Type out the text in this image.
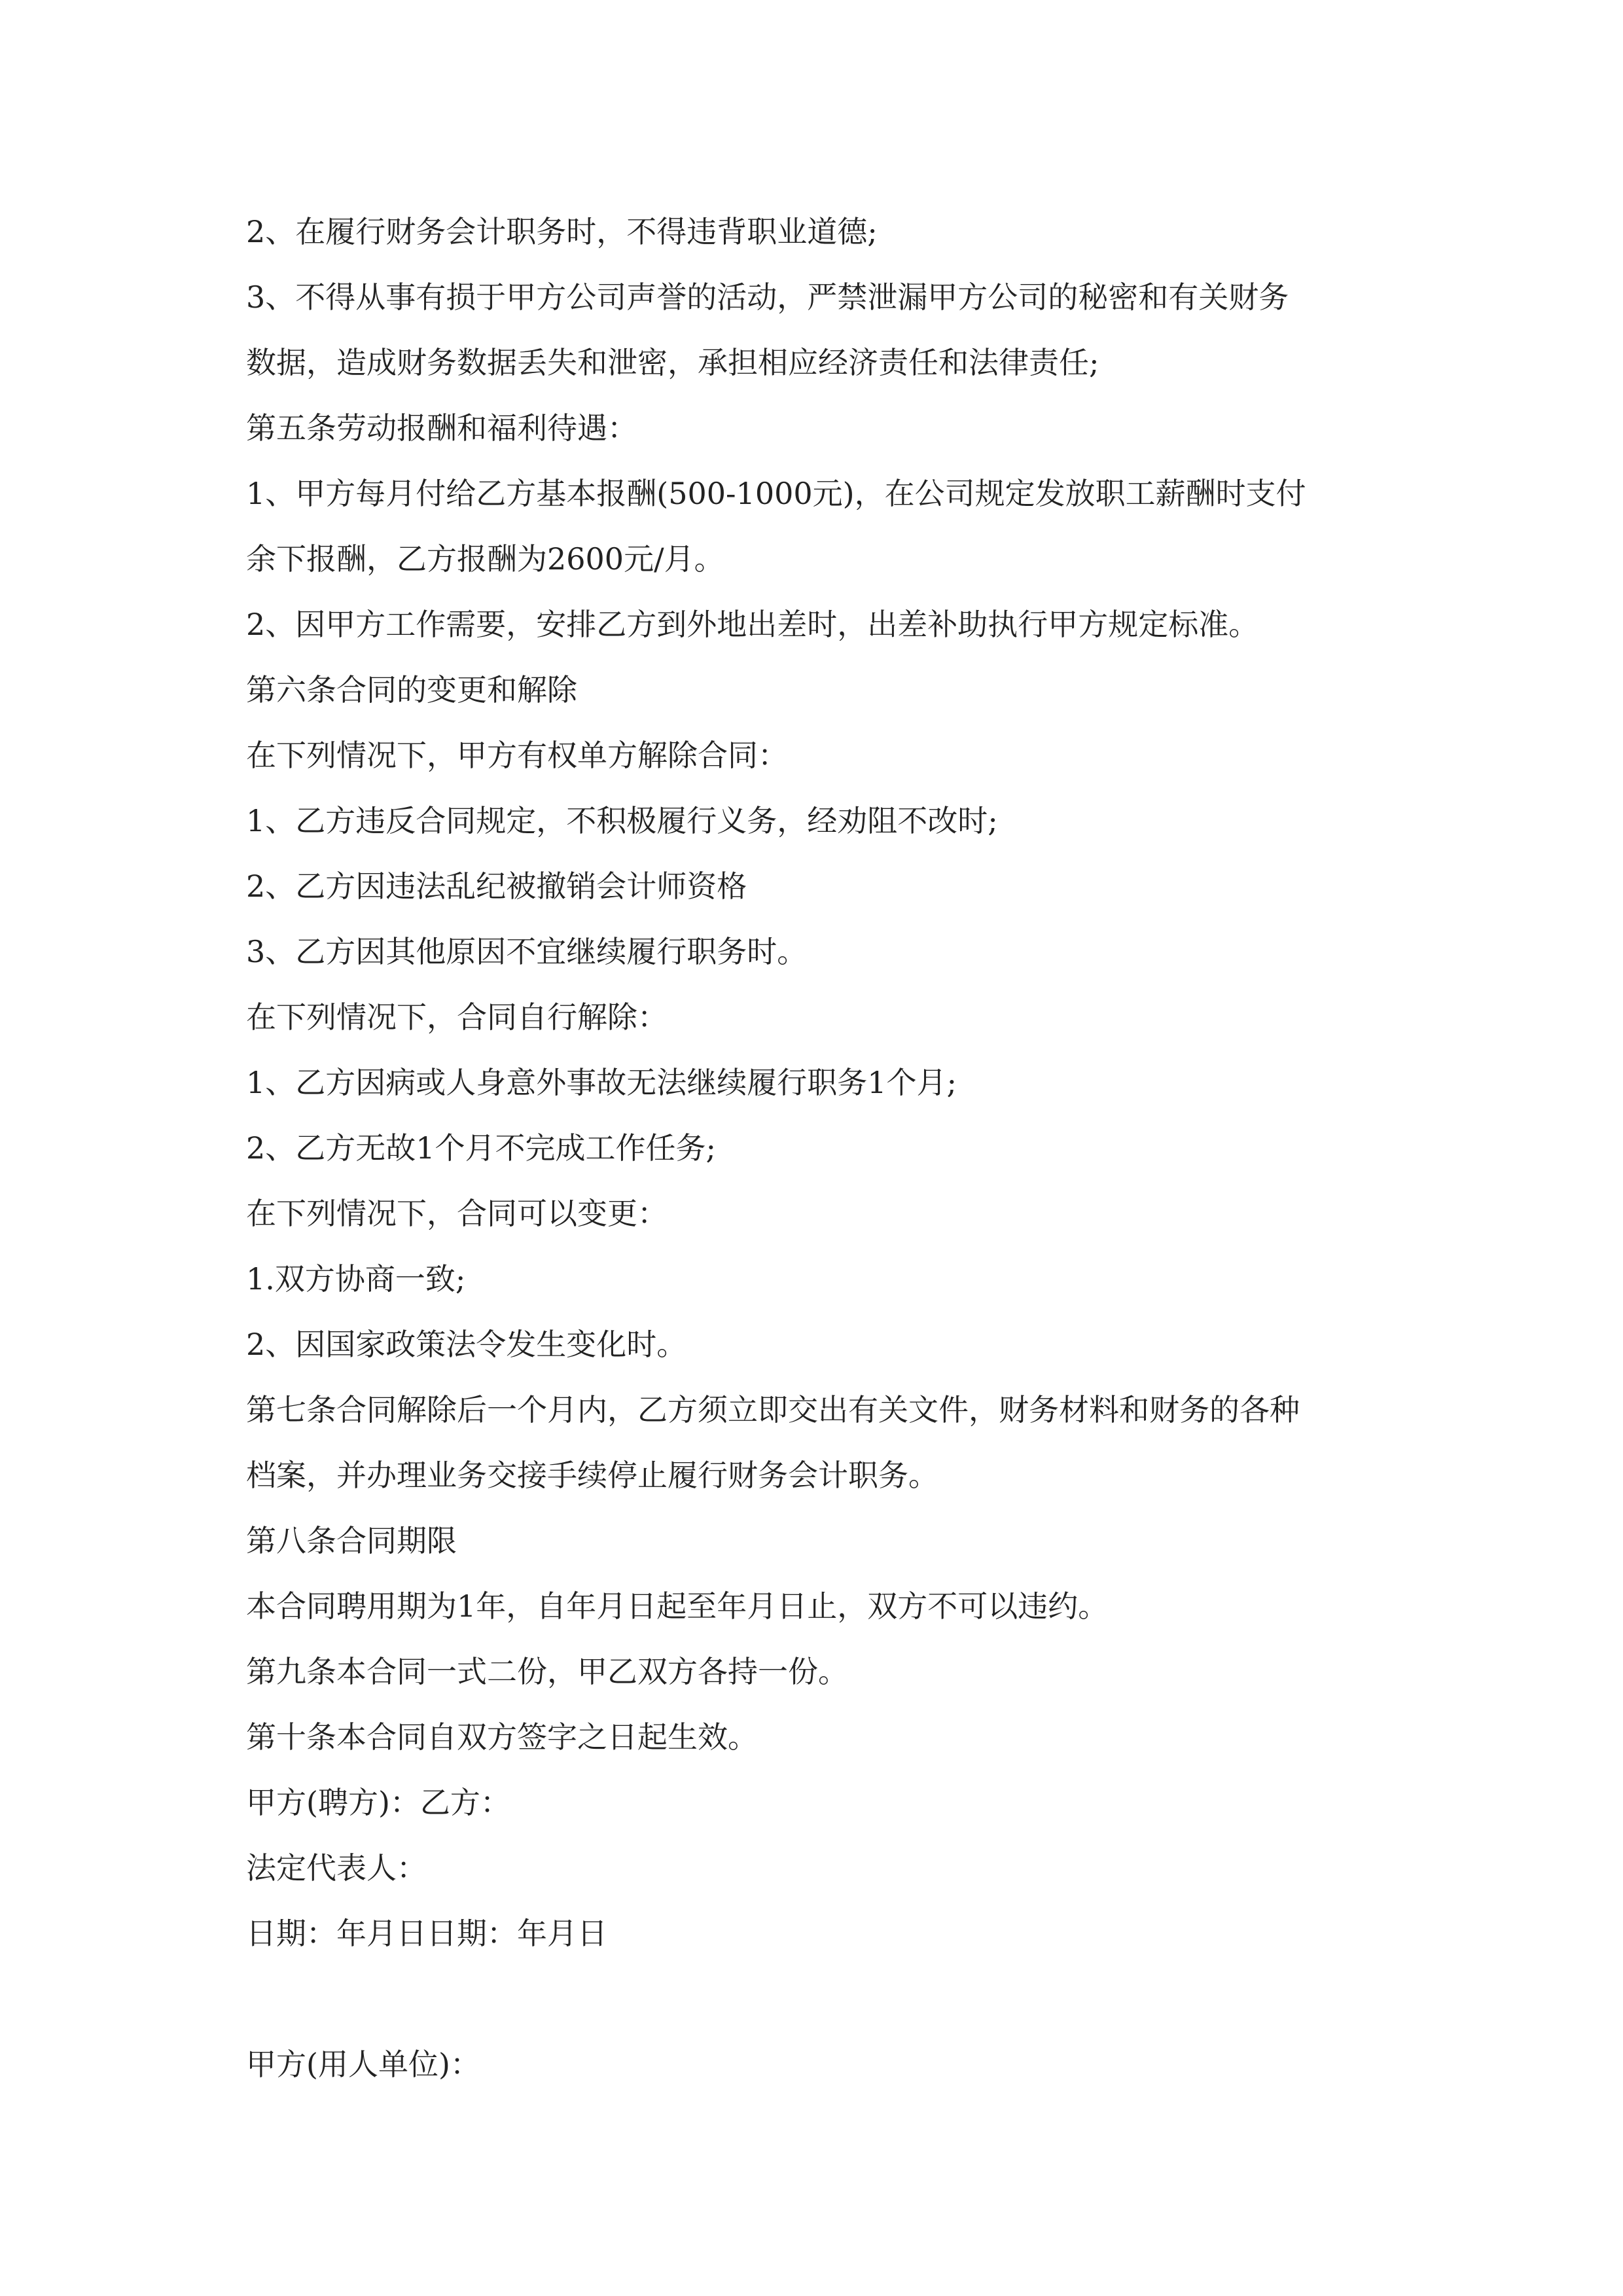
2、在履行财务会计职务时，不得违背职业道德;

3、不得从事有损于甲方公司声誉的活动，严禁泄漏甲方公司的秘密和有关财务

数据，造成财务数据丢失和泄密，承担相应经济责任和法律责任;

第五条劳动报酬和福利待遇：

1、甲方每月付给乙方基本报酬(500-1000元)，在公司规定发放职工薪酬时支付

余下报酬，乙方报酬为2600元/月。

2、因甲方工作需要，安排乙方到外地出差时，出差补助执行甲方规定标准。

第六条合同的变更和解除

在下列情况下，甲方有权单方解除合同：

1、乙方违反合同规定，不积极履行义务，经劝阻不改时;

2、乙方因违法乱纪被撤销会计师资格

3、乙方因其他原因不宜继续履行职务时。

在下列情况下，合同自行解除：

1、乙方因病或人身意外事故无法继续履行职务1个月;

2、乙方无故1个月不完成工作任务;

在下列情况下，合同可以变更：

1.双方协商一致;

2、因国家政策法令发生变化时。

第七条合同解除后一个月内，乙方须立即交出有关文件，财务材料和财务的各种

档案，并办理业务交接手续停止履行财务会计职务。

第八条合同期限

本合同聘用期为1年，自年月日起至年月日止，双方不可以违约。

第九条本合同一式二份，甲乙双方各持一份。

第十条本合同自双方签字之日起生效。

甲方(聘方)：乙方：

法定代表人：

日期：年月日日期：年月日

甲方(用人单位)：
